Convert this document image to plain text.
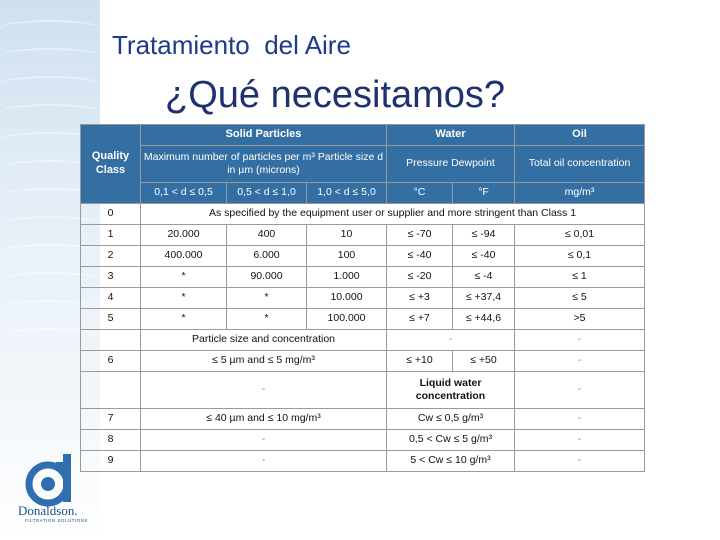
Tratamiento  del Aire
¿Qué necesitamos?
Donaldson.
FILTRATION SOLUTIONS
Quality Class	Solid Particles			Water		Oil
	Maximum number of particles per m³ Particle size d in µm (microns)			Pressure Dewpoint		Total oil concentration
	0,1 < d ≤ 0,5	0,5 < d ≤ 1,0	1,0 < d ≤ 5,0	°C	°F	mg/m³
0	As specified by the equipment user or supplier and more stringent than Class 1					
1	20.000	400	10	≤ -70	≤ -94	≤ 0,01
2	400.000	6.000	100	≤ -40	≤ -40	≤ 0,1
3	*	90.000	1.000	≤ -20	≤ -4	≤ 1
4	*	*	10.000	≤ +3	≤ +37,4	≤ 5
5	*	*	100.000	≤ +7	≤ +44,6	>5
	Particle size and concentration			-		-
6	≤ 5 µm and ≤ 5 mg/m³			≤ +10	≤ +50	-
	-			Liquid water concentration		-
7	≤ 40 µm and ≤ 10 mg/m³			Cw ≤ 0,5 g/m³		-
8	-			0,5 < Cw ≤ 5 g/m³		-
9	-			5 < Cw ≤ 10 g/m³		-
